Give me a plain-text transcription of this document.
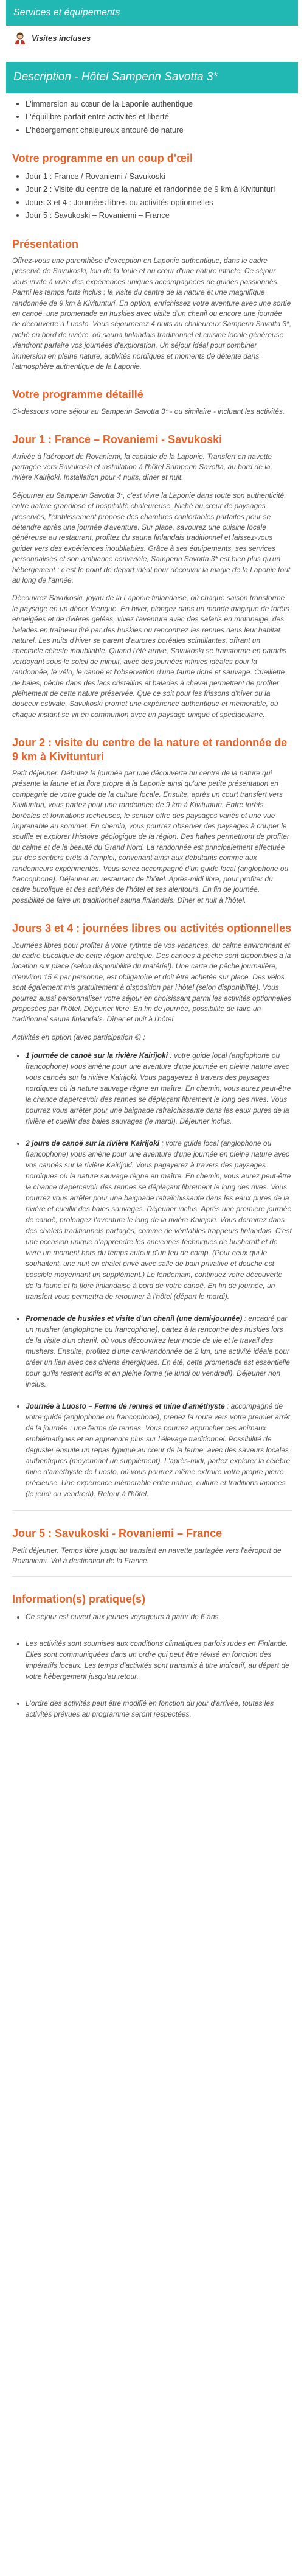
Services et équipements
Visites incluses
Description - Hôtel Samperin Savotta 3*
• L'immersion au cœur de la Laponie authentique
• L'équilibre parfait entre activités et liberté
• L'hébergement chaleureux entouré de nature
Votre programme en un coup d'œil
• Jour 1 : France / Rovaniemi / Savukoski
• Jour 2 : Visite du centre de la nature et randonnée de 9 km à Kivitunturi
• Jours 3 et 4 : Journées libres ou activités optionnelles
• Jour 5 : Savukoski – Rovaniemi – France
Présentation

Offrez-vous une parenthèse d'exception en Laponie authentique, dans le cadre préservé de Savukoski, loin de la foule et au cœur d'une nature intacte. Ce séjour vous invite à vivre des expériences uniques accompagnées de guides passionnés. Parmi les temps forts inclus : la visite du centre de la nature et une magnifique randonnée de 9 km à Kivitunturi. En option, enrichissez votre aventure avec une sortie en canoë, une promenade en huskies avec visite d'un chenil ou encore une journée de découverte à Luosto. Vous séjournerez 4 nuits au chaleureux Samperin Savotta 3*, niché en bord de rivière, où sauna finlandais traditionnel et cuisine locale généreuse viendront parfaire vos journées d'exploration. Un séjour idéal pour combiner immersion en pleine nature, activités nordiques et moments de détente dans l'atmosphère authentique de la Laponie.

Votre programme détaillé

Ci-dessous votre séjour au Samperin Savotta 3* - ou similaire - incluant les activités.

Jour 1 : France – Rovaniemi - Savukoski

Arrivée à l'aéroport de Rovaniemi, la capitale de la Laponie. Transfert en navette partagée vers Savukoski et installation à l'hôtel Samperin Savotta, au bord de la rivière Kairijoki. Installation pour 4 nuits, dîner et nuit.

Séjourner au Samperin Savotta 3*, c'est vivre la Laponie dans toute son authenticité, entre nature grandiose et hospitalité chaleureuse. Niché au cœur de paysages préservés, l'établissement propose des chambres confortables parfaites pour se détendre après une journée d'aventure. Sur place, savourez une cuisine locale généreuse au restaurant, profitez du sauna finlandais traditionnel et laissez-vous guider vers des expériences inoubliables. Grâce à ses équipements, ses services personnalisés et son ambiance conviviale, Samperin Savotta 3* est bien plus qu'un hébergement : c'est le point de départ idéal pour découvrir la magie de la Laponie tout au long de l'année.

Découvrez Savukoski, joyau de la Laponie finlandaise, où chaque saison transforme le paysage en un décor féerique. En hiver, plongez dans un monde magique de forêts enneigées et de rivières gelées, vivez l'aventure avec des safaris en motoneige, des balades en traîneau tiré par des huskies ou rencontrez les rennes dans leur habitat naturel. Les nuits d'hiver se parent d'aurores boréales scintillantes, offrant un spectacle céleste inoubliable. Quand l'été arrive, Savukoski se transforme en paradis verdoyant sous le soleil de minuit, avec des journées infinies idéales pour la randonnée, le vélo, le canoë et l'observation d'une faune riche et sauvage. Cueillette de baies, pêche dans des lacs cristallins et balades à cheval permettent de profiter pleinement de cette nature préservée. Que ce soit pour les frissons d'hiver ou la douceur estivale, Savukoski promet une expérience authentique et mémorable, où chaque instant se vit en communion avec un paysage unique et spectaculaire.

Jour 2 : visite du centre de la nature et randonnée de 9 km à Kivitunturi

Petit déjeuner. Débutez la journée par une découverte du centre de la nature qui présente la faune et la flore propre à la Laponie ainsi qu'une petite présentation en compagnie de votre guide de la culture locale. Ensuite, après un court transfert vers Kivitunturi, vous partez pour une randonnée de 9 km à Kivitunturi. Entre forêts boréales et formations rocheuses, le sentier offre des paysages variés et une vue imprenable au sommet. En chemin, vous pourrez observer des paysages à couper le souffle et explorer l'histoire géologique de la région. Des haltes permettront de profiter du calme et de la beauté du Grand Nord. La randonnée est principalement effectuée sur des sentiers prêts à l'emploi, convenant ainsi aux débutants comme aux randonneurs expérimentés. Vous serez accompagné d'un guide local (anglophone ou francophone). Déjeuner au restaurant de l'hôtel. Après-midi libre, pour profiter du cadre bucolique et des activités de l'hôtel et ses alentours. En fin de journée, possibilité de faire un traditionnel sauna finlandais. Dîner et nuit à l'hôtel.

Jours 3 et 4 : journées libres ou activités optionnelles

Journées libres pour profiter à votre rythme de vos vacances, du calme environnant et du cadre bucolique de cette région arctique. Des canoes à pêche sont disponibles à la location sur place (selon disponibilité du matériel). Une carte de pêche journalière, d'environ 15 € par personne, est obligatoire et doit être achetée sur place. Des vélos sont également mis gratuitement à disposition par l'hôtel (selon disponibilité). Vous pourrez aussi personnaliser votre séjour en choisissant parmi les activités optionnelles proposées par l'hôtel. Déjeuner libre. En fin de journée, possibilité de faire un traditionnel sauna finlandais. Dîner et nuit à l'hôtel.

Activités en option (avec participation €) :

• 1 journée de canoë sur la rivière Kairijoki : votre guide local (anglophone ou francophone) vous amène pour une aventure d'une journée en pleine nature avec vous canoés sur la rivière Kairijoki. Vous pagayerez à travers des paysages nordiques où la nature sauvage règne en maître. En chemin, vous aurez peut-être la chance d'apercevoir des rennes se déplaçant librement le long des rives. Vous pourrez vous arrêter pour une baignade rafraîchissante dans les eaux pures de la rivière et cueillir des baies sauvages (le mardi). Déjeuner inclus.
• 2 jours de canoë sur la rivière Kairijoki : votre guide local (anglophone ou francophone) vous amène pour une aventure d'une journée en pleine nature avec vos canoés sur la rivière Kairijoki. Vous pagayerez à travers des paysages nordiques où la nature sauvage règne en maître. En chemin, vous aurez peut-être la chance d'apercevoir des rennes se déplaçant librement le long des rives. Vous pourrez vous arrêter pour une baignade rafraîchissante dans les eaux pures de la rivière et cueillir des baies sauvages. Déjeuner inclus. Après une première journée de canoë, prolongez l'aventure le long de la rivière Kairijoki. Vous dormirez dans des chalets traditionnels partagés, comme de véritables trappeurs finlandais. C'est une occasion unique d'apprendre les anciennes techniques de bushcraft et de vivre un moment hors du temps autour d'un feu de camp. (Pour ceux qui le souhaitent, une nuit en chalet privé avec salle de bain privative et douche est possible moyennant un supplément.) Le lendemain, continuez votre découverte de la faune et la flore finlandaise à bord de votre canoë. En fin de journée, un transfert vous permettra de retourner à l'hôtel (départ le mardi).
• Promenade de huskies et visite d'un chenil (une demi-journée) : encadré par un musher (anglophone ou francophone), partez à la rencontre des huskies lors de la visite d'un chenil, où vous découvrirez leur mode de vie et le travail des mushers. Ensuite, profitez d'une ceni-randonnée de 2 km, une activité idéale pour créer un lien avec ces chiens énergiques. En été, cette promenade est essentielle pour qu'ils restent actifs et en pleine forme (le lundi ou vendredi). Déjeuner non inclus.
• Journée à Luosto – Ferme de rennes et mine d'améthyste : accompagné de votre guide (anglophone ou francophone), prenez la route vers votre premier arrêt de la journée : une ferme de rennes. Vous pourrez approcher ces animaux emblématiques et en apprendre plus sur l'élevage traditionnel. Possibilité de déguster ensuite un repas typique au cœur de la ferme, avec des saveurs locales authentiques (moyennant un supplément). L'après-midi, partez explorer la célèbre mine d'améthyste de Luosto, où vous pourrez même extraire votre propre pierre précieuse. Une expérience mémorable entre nature, culture et traditions lapones (le jeudi ou vendredi). Retour à l'hôtel.
Jour 5 : Savukoski - Rovaniemi – France

Petit déjeuner. Temps libre jusqu'au transfert en navette partagée vers l'aéroport de Rovaniemi. Vol à destination de la France.

Information(s) pratique(s)
• Ce séjour est ouvert aux jeunes voyageurs à partir de 6 ans.
• Les activités sont soumises aux conditions climatiques parfois rudes en Finlande. Elles sont communiquées dans un ordre qui peut être révisé en fonction des impératifs locaux. Les temps d'activités sont transmis à titre indicatif, au départ de votre hébergement jusqu'au retour.
• L'ordre des activités peut être modifié en fonction du jour d'arrivée, toutes les activités prévues au programme seront respectées.
